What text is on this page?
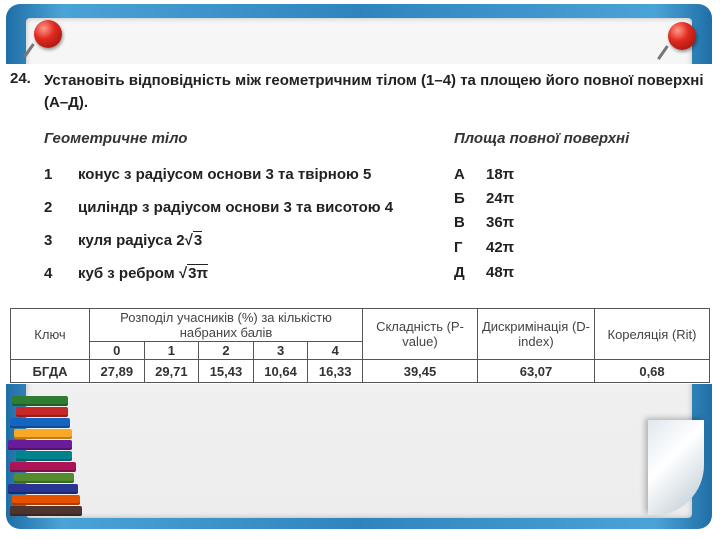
24. Установіть відповідність між геометричним тілом (1–4) та площею його повної поверхні (А–Д).
Геометричне тіло	Площа повної поверхні
1 конус з радіусом основи 3 та твірною 5
2 циліндр з радіусом основи 3 та висотою 4
3 куля радіуса 2√3
4 куб з ребром √3π
А 18π
Б 24π
В 36π
Г 42π
Д 48π
Ключ	Розподіл учасників (%) за кількістю набраних балів					Складність (P-value)	Дискримінація (D-index)	Кореляція (Rit)
	0	1	2	3	4			
БГДА	27,89	29,71	15,43	10,64	16,33	39,45	63,07	0,68
